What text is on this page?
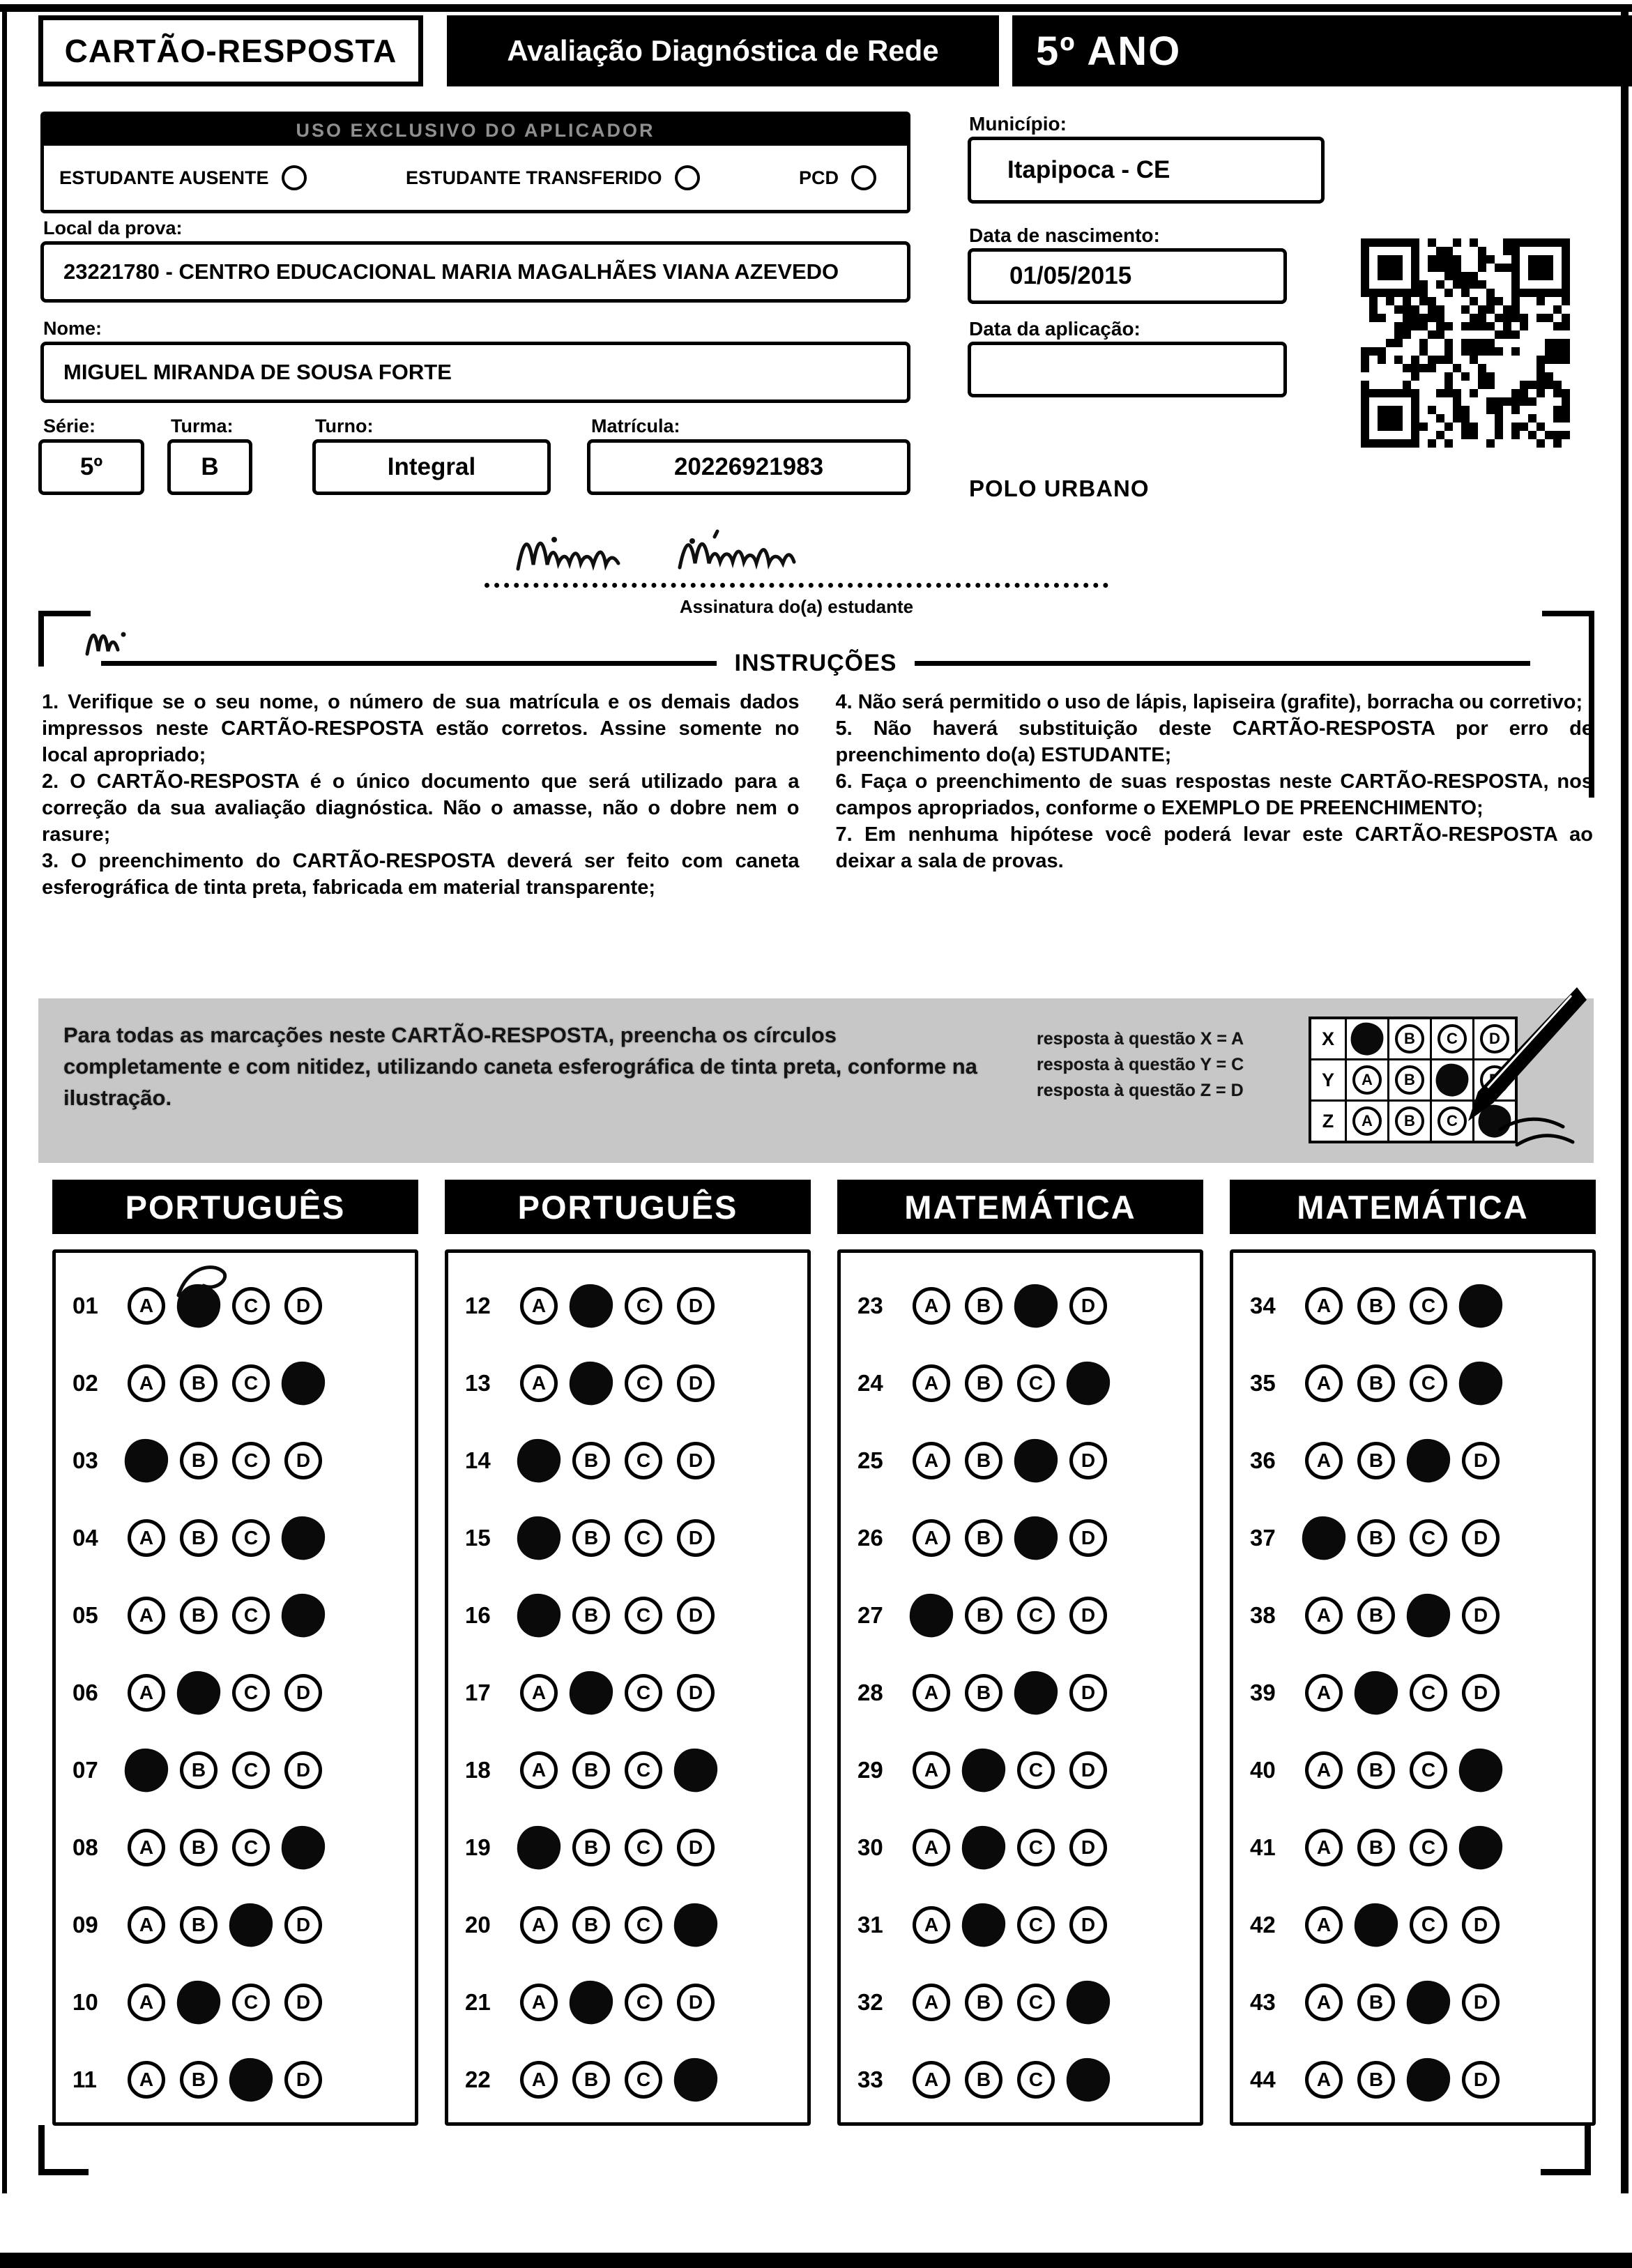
CARTÃO-RESPOSTA	Avaliação Diagnóstica de Rede	5º ANO
USO EXCLUSIVO DO APLICADOR
ESTUDANTE AUSENTE	ESTUDANTE TRANSFERIDO	PCD
Local da prova:
23221780 - CENTRO EDUCACIONAL MARIA MAGALHÃES VIANA AZEVEDO
Nome:
MIGUEL MIRANDA DE SOUSA FORTE
Série:
5º
Turma:
B
Turno:
Integral
Matrícula:
20226921983
Município:
Itapipoca - CE
Data de nascimento:
01/05/2015
Data da aplicação:
POLO URBANO
Assinatura do(a) estudante
INSTRUÇÕES

1. Verifique se o seu nome, o número de sua matrícula e os demais dados impressos neste CARTÃO-RESPOSTA estão corretos. Assine somente no local apropriado;

2. O CARTÃO-RESPOSTA é o único documento que será utilizado para a correção da sua avaliação diagnóstica. Não o amasse, não o dobre nem o rasure;

3. O preenchimento do CARTÃO-RESPOSTA deverá ser feito com caneta esferográfica de tinta preta, fabricada em material transparente;

4. Não será permitido o uso de lápis, lapiseira (grafite), borracha ou corretivo;

5. Não haverá substituição deste CARTÃO-RESPOSTA por erro de preenchimento do(a) ESTUDANTE;

6. Faça o preenchimento de suas respostas neste CARTÃO-RESPOSTA, nos campos apropriados, conforme o EXEMPLO DE PREENCHIMENTO;

7. Em nenhuma hipótese você poderá levar este CARTÃO-RESPOSTA ao deixar a sala de provas.

Para todas as marcações neste CARTÃO-RESPOSTA, preencha os círculos completamente e com nitidez, utilizando caneta esferográfica de tinta preta, conforme na ilustração.

resposta à questão X = A
resposta à questão Y = C
resposta à questão Z = D
X	A	B	C	D
Y	A	B	C
Z	A	B	C	D
PORTUGUÊS
01	A	B	C	D
02	A	B	C	D
03	A	B	C	D
04	A	B	C	D
05	A	B	C	D
06	A	B	C	D
07	A	B	C	D
08	A	B	C	D
09	A	B	C	D
10	A	B	C	D
11	A	B	C	D
PORTUGUÊS
12	A	B	C	D
13	A	B	C	D
14	A	B	C	D
15	A	B	C	D
16	A	B	C	D
17	A	B	C	D
18	A	B	C	D
19	A	B	C	D
20	A	B	C	D
21	A	B	C	D
22	A	B	C	D
MATEMÁTICA
23	A	B	C	D
24	A	B	C	D
25	A	B	C	D
26	A	B	C	D
27	A	B	C	D
28	A	B	C	D
29	A	B	C	D
30	A	B	C	D
31	A	B	C	D
32	A	B	C	D
33	A	B	C	D
MATEMÁTICA
34	A	B	C	D
35	A	B	C	D
36	A	B	C	D
37	A	B	C	D
38	A	B	C	D
39	A	B	C	D
40	A	B	C	D
41	A	B	C	D
42	A	B	C	D
43	A	B	C	D
44	A	B	C	D
